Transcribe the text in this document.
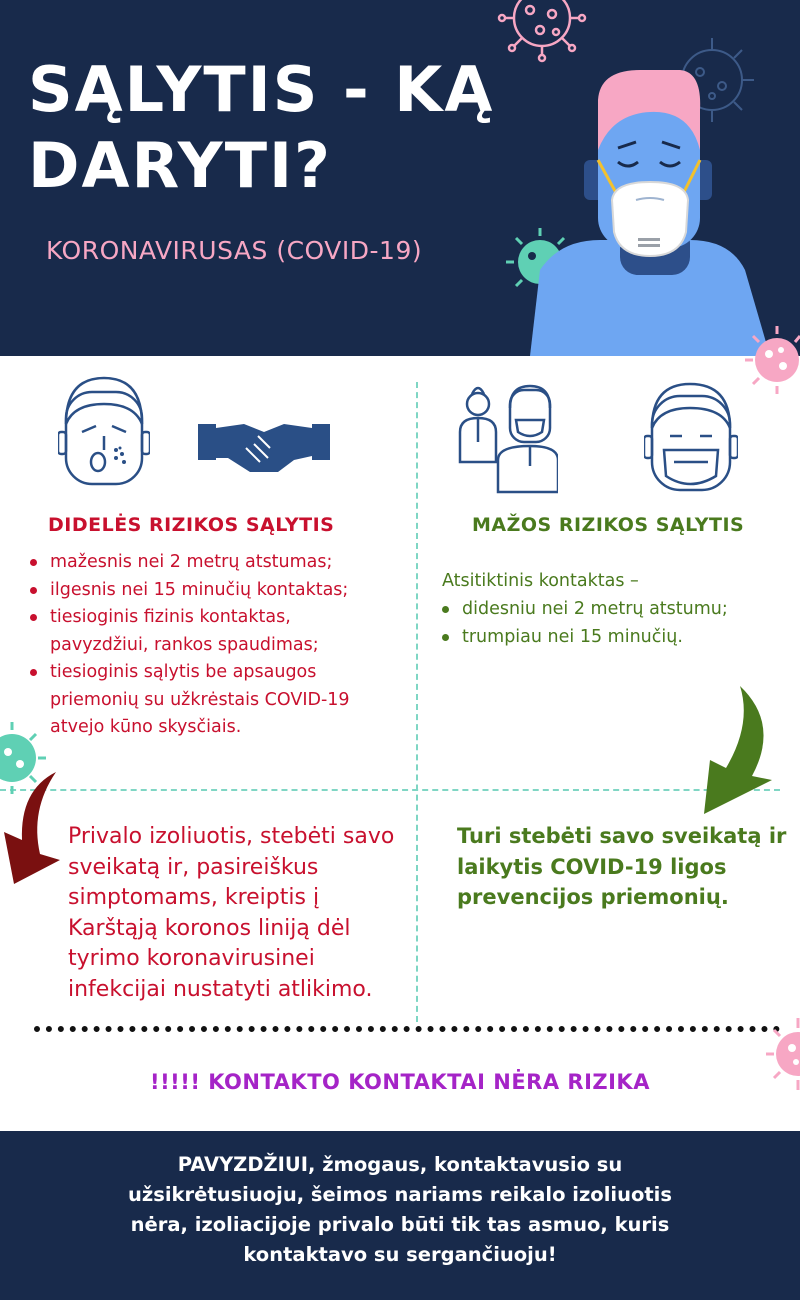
SĄLYTIS - KĄ DARYTI?
KORONAVIRUSAS (COVID-19)
DIDELĖS RIZIKOS SĄLYTIS
mažesnis nei 2 metrų atstumas;
ilgesnis nei 15 minučių kontaktas;
tiesioginis fizinis kontaktas, pavyzdžiui, rankos spaudimas;
tiesioginis sąlytis be apsaugos priemonių su užkrėstais COVID-19 atvejo kūno skysčiais.
MAŽOS RIZIKOS SĄLYTIS
Atsitiktinis kontaktas –
didesniu nei 2 metrų atstumu;
trumpiau nei 15 minučių.
Privalo izoliuotis, stebėti savo sveikatą ir, pasireiškus simptomams, kreiptis į Karštąją koronos liniją dėl tyrimo koronavirusinei infekcijai nustatyti atlikimo.
Turi stebėti savo sveikatą ir laikytis COVID-19 ligos prevencijos priemonių.
!!!!! KONTAKTO KONTAKTAI NĖRA RIZIKA
PAVYZDŽIUI, žmogaus, kontaktavusio su užsikrėtusiuoju, šeimos nariams reikalo izoliuotis nėra, izoliacijoje privalo būti tik tas asmuo, kuris kontaktavo su sergančiuoju!
